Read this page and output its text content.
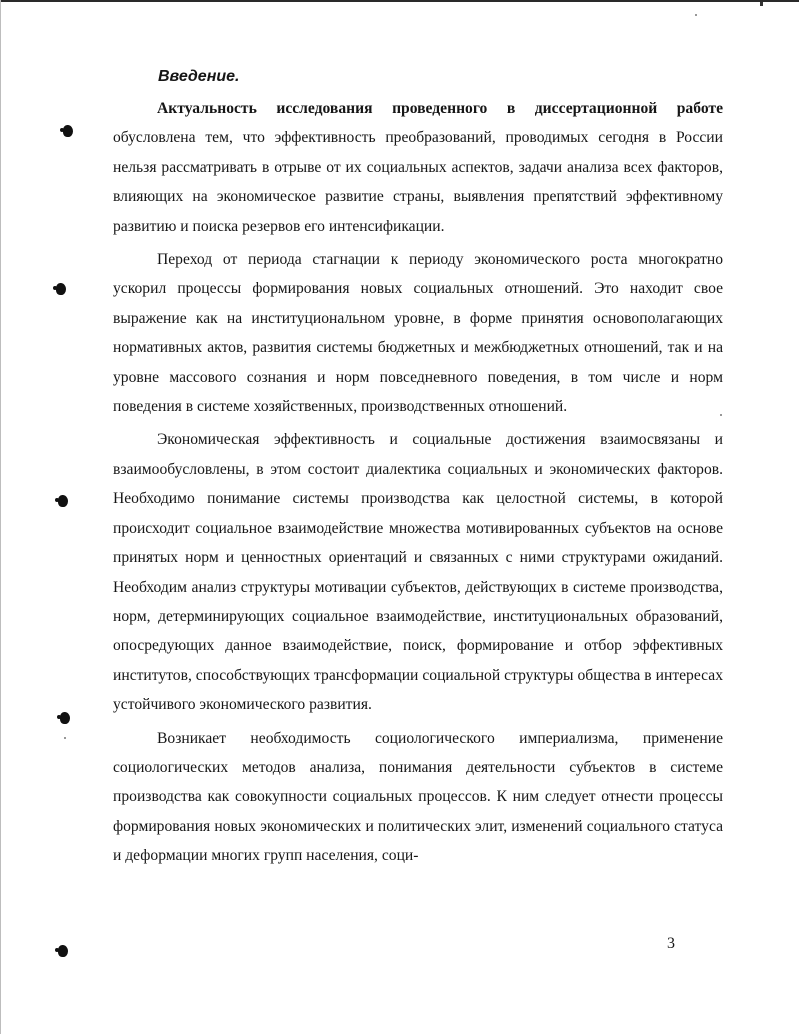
Введение.

Актуальность исследования проведенного в диссертационной работе обусловлена тем, что эффективность преобразований, проводимых сегодня в России нельзя рассматривать в отрыве от их социальных аспектов, задачи анализа всех факторов, влияющих на экономическое развитие страны, выявления препятствий эффективному развитию и поиска резервов его интенсификации.

Переход от периода стагнации к периоду экономического роста многократно ускорил процессы формирования новых социальных отношений. Это находит свое выражение как на институциональном уровне, в форме принятия основополагающих нормативных актов, развития системы бюджетных и межбюджетных отношений, так и на уровне массового сознания и норм повседневного поведения, в том числе и норм поведения в системе хозяйственных, производственных отношений.

Экономическая эффективность и социальные достижения взаимосвязаны и взаимообусловлены, в этом состоит диалектика социальных и экономических факторов. Необходимо понимание системы производства как целостной системы, в которой происходит социальное взаимодействие множества мотивированных субъектов на основе принятых норм и ценностных ориентаций и связанных с ними структурами ожиданий. Необходим анализ структуры мотивации субъектов, действующих в системе производства, норм, детерминирующих социальное взаимодействие, институциональных образований, опосредующих данное взаимодействие, поиск, формирование и отбор эффективных институтов, способствующих трансформации социальной структуры общества в интересах устойчивого экономического развития.

Возникает необходимость социологического империализма, применение социологических методов анализа, понимания деятельности субъектов в системе производства как совокупности социальных процессов. К ним следует отнести процессы формирования новых экономических и политических элит, изменений социального статуса и деформации многих групп населения, соци-

3
